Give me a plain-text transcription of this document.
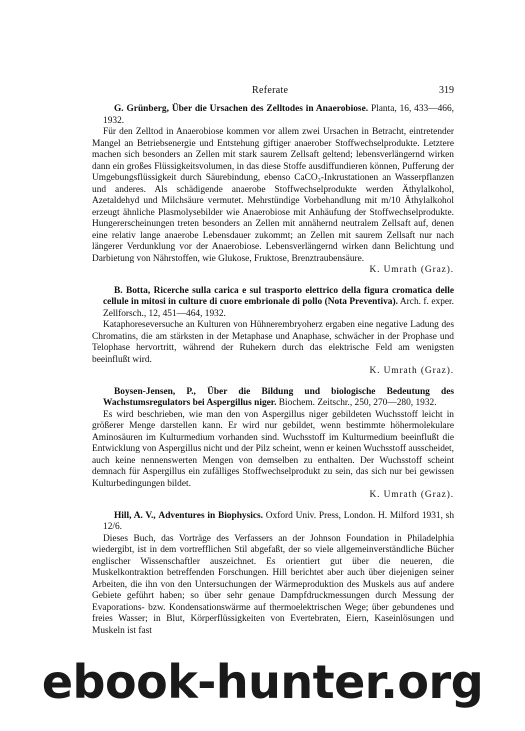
Referate	319

G. Grünberg, Über die Ursachen des Zelltodes in Anaerobiose. Planta, 16, 433—466, 1932.

Für den Zelltod in Anaerobiose kommen vor allem zwei Ursachen in Betracht, eintretender Mangel an Betriebsenergie und Entstehung giftiger anaerober Stoffwechselprodukte. Letztere machen sich besonders an Zellen mit stark saurem Zellsaft geltend; lebensverlängernd wirken dann ein großes Flüssigkeitsvolumen, in das diese Stoffe ausdiffundieren können, Pufferung der Umgebungsflüssigkeit durch Säurebindung, ebenso CaCO₃-Inkrustationen an Wasserpflanzen und anderes. Als schädigende anaerobe Stoffwechselprodukte werden Äthylalkohol, Azetaldehyd und Milchsäure vermutet. Mehrstündige Vorbehandlung mit m/10 Äthylalkohol erzeugt ähnliche Plasmolysebilder wie Anaerobiose mit Anhäufung der Stoffwechselprodukte. Hungererscheinungen treten besonders an Zellen mit annähernd neutralem Zellsaft auf, denen eine relativ lange anaerobe Lebensdauer zukommt; an Zellen mit saurem Zellsaft nur nach längerer Verdunklung vor der Anaerobiose. Lebensverlängernd wirken dann Belichtung und Darbietung von Nährstoffen, wie Glukose, Fruktose, Brenztraubensäure.

K. Umrath (Graz).

B. Botta, Ricerche sulla carica e sul trasporto elettrico della figura cromatica delle cellule in mitosi in culture di cuore embrionale di pollo (Nota Preventiva). Arch. f. exper. Zellforsch., 12, 451—464, 1932.

Kataphoreseversuche an Kulturen von Hühnerembryoherz ergaben eine negative Ladung des Chromatins, die am stärksten in der Metaphase und Anaphase, schwächer in der Prophase und Telophase hervortritt, während der Ruhekern durch das elektrische Feld am wenigsten beeinflußt wird.

K. Umrath (Graz).

Boysen-Jensen, P., Über die Bildung und biologische Bedeutung des Wachstumsregulators bei Aspergillus niger. Biochem. Zeitschr., 250, 270—280, 1932.

Es wird beschrieben, wie man den von Aspergillus niger gebildeten Wuchsstoff leicht in größerer Menge darstellen kann. Er wird nur gebildet, wenn bestimmte höhermolekulare Aminosäuren im Kulturmedium vorhanden sind. Wuchsstoff im Kulturmedium beeinflußt die Entwicklung von Aspergillus nicht und der Pilz scheint, wenn er keinen Wuchsstoff ausscheidet, auch keine nennenswerten Mengen von demselben zu enthalten. Der Wuchsstoff scheint demnach für Aspergillus ein zufälliges Stoffwechselprodukt zu sein, das sich nur bei gewissen Kulturbedingungen bildet.

K. Umrath (Graz).

Hill, A. V., Adventures in Biophysics. Oxford Univ. Press, London. H. Milford 1931, sh 12/6.

Dieses Buch, das Vorträge des Verfassers an der Johnson Foundation in Philadelphia wiedergibt, ist in dem vortrefflichen Stil abgefaßt, der so viele allgemeinverständliche Bücher englischer Wissenschaftler auszeichnet. Es orientiert gut über die neueren, die Muskelkontraktion betreffenden Forschungen. Hill berichtet aber auch über diejenigen seiner Arbeiten, die ihn von den Untersuchungen der Wärmeproduktion des Muskels aus auf andere Gebiete geführt haben; so über sehr genaue Dampfdruckmessungen durch Messung der Evaporations- bzw. Kondensationswärme auf thermoelektrischen Wege; über gebundenes und freies Wasser; in Blut, Körperflüssigkeiten von Evertebraten, Eiern, Kaseinlösungen und Muskeln ist fast

ebook-hunter.org
